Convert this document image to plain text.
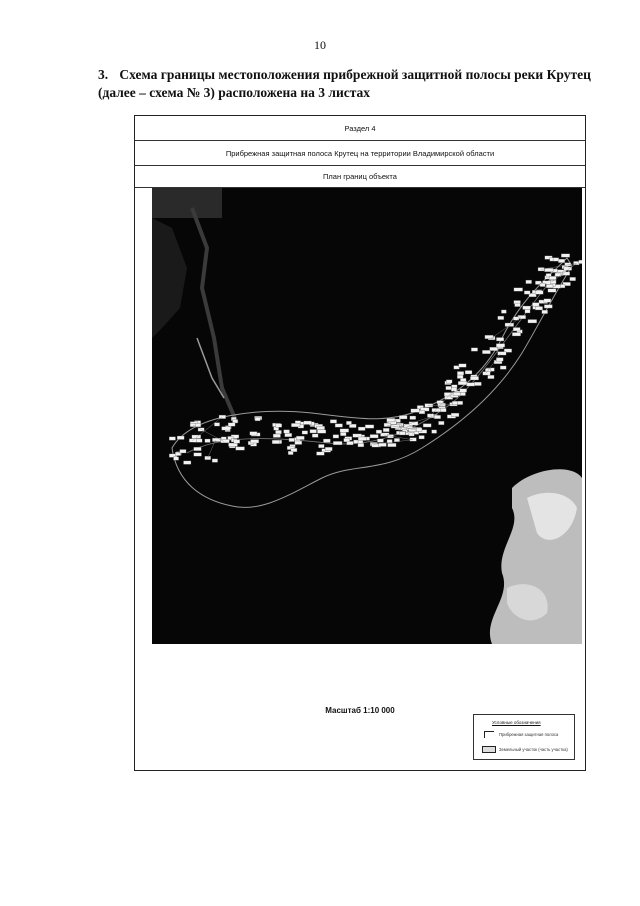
10
3. Схема границы местоположения прибрежной защитной полосы реки Крутец (далее – схема № 3) расположена на 3 листах
Раздел 4
Прибрежная защитная полоса Крутец на территории Владимирской области
План границ объекта
Масштаб 1:10 000
Условные обозначения
Прибрежная защитная полоса
Земельный участок (часть участка)
